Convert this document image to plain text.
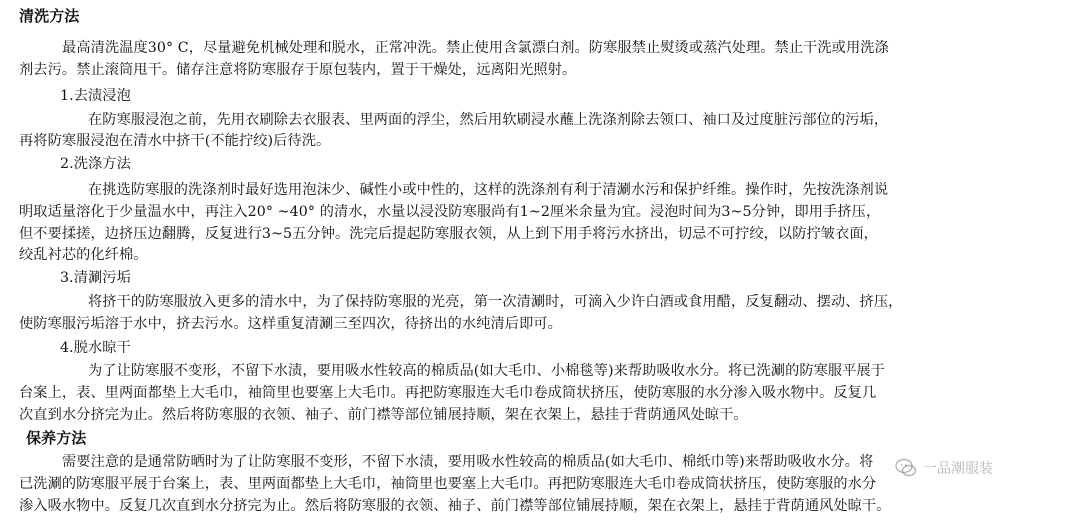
清洗方法
最高清洗温度30° C，尽量避免机械处理和脱水，正常冲洗。禁止使用含氯漂白剂。防寒服禁止熨烫或蒸汽处理。禁止干洗或用洗涤
剂去污。禁止滚筒甩干。储存注意将防寒服存于原包装内，置于干燥处，远离阳光照射。
1.去渍浸泡
在防寒服浸泡之前，先用衣刷除去衣服表、里两面的浮尘，然后用软刷浸水蘸上洗涤剂除去领口、袖口及过度脏污部位的污垢，
再将防寒服浸泡在清水中挤干(不能拧绞)后待洗。
2.洗涤方法
在挑选防寒服的洗涤剂时最好选用泡沫少、碱性小或中性的，这样的洗涤剂有利于清涮水污和保护纤维。操作时，先按洗涤剂说
明取适量溶化于少量温水中，再注入20° ~40° 的清水，水量以浸没防寒服尚有1~2厘米余量为宜。浸泡时间为3~5分钟，即用手挤压，
但不要揉搓，边挤压边翻腾，反复进行3~5五分钟。洗完后提起防寒服衣领，从上到下用手将污水挤出，切忌不可拧绞，以防拧皱衣面，
绞乱衬芯的化纤棉。
3.清涮污垢
将挤干的防寒服放入更多的清水中，为了保持防寒服的光亮，第一次清涮时，可滴入少许白酒或食用醋，反复翻动、摆动、挤压，
使防寒服污垢溶于水中，挤去污水。这样重复清涮三至四次，待挤出的水纯清后即可。
4.脱水晾干
为了让防寒服不变形，不留下水渍，要用吸水性较高的棉质品(如大毛巾、小棉毯等)来帮助吸收水分。将已洗涮的防寒服平展于
台案上，表、里两面都垫上大毛巾，袖筒里也要塞上大毛巾。再把防寒服连大毛巾卷成筒状挤压，使防寒服的水分渗入吸水物中。反复几
次直到水分挤完为止。然后将防寒服的衣领、袖子、前门襟等部位铺展持顺，架在衣架上，悬挂于背荫通风处晾干。
保养方法
需要注意的是通常防晒时为了让防寒服不变形，不留下水渍，要用吸水性较高的棉质品(如大毛巾、棉纸巾等)来帮助吸收水分。将
已洗涮的防寒服平展于台案上，表、里两面都垫上大毛巾，袖筒里也要塞上大毛巾。再把防寒服连大毛巾卷成筒状挤压，使防寒服的水分
渗入吸水物中。反复几次直到水分挤完为止。然后将防寒服的衣领、袖子、前门襟等部位铺展持顺，架在衣架上，悬挂于背荫通风处晾干。
一品潮服装
